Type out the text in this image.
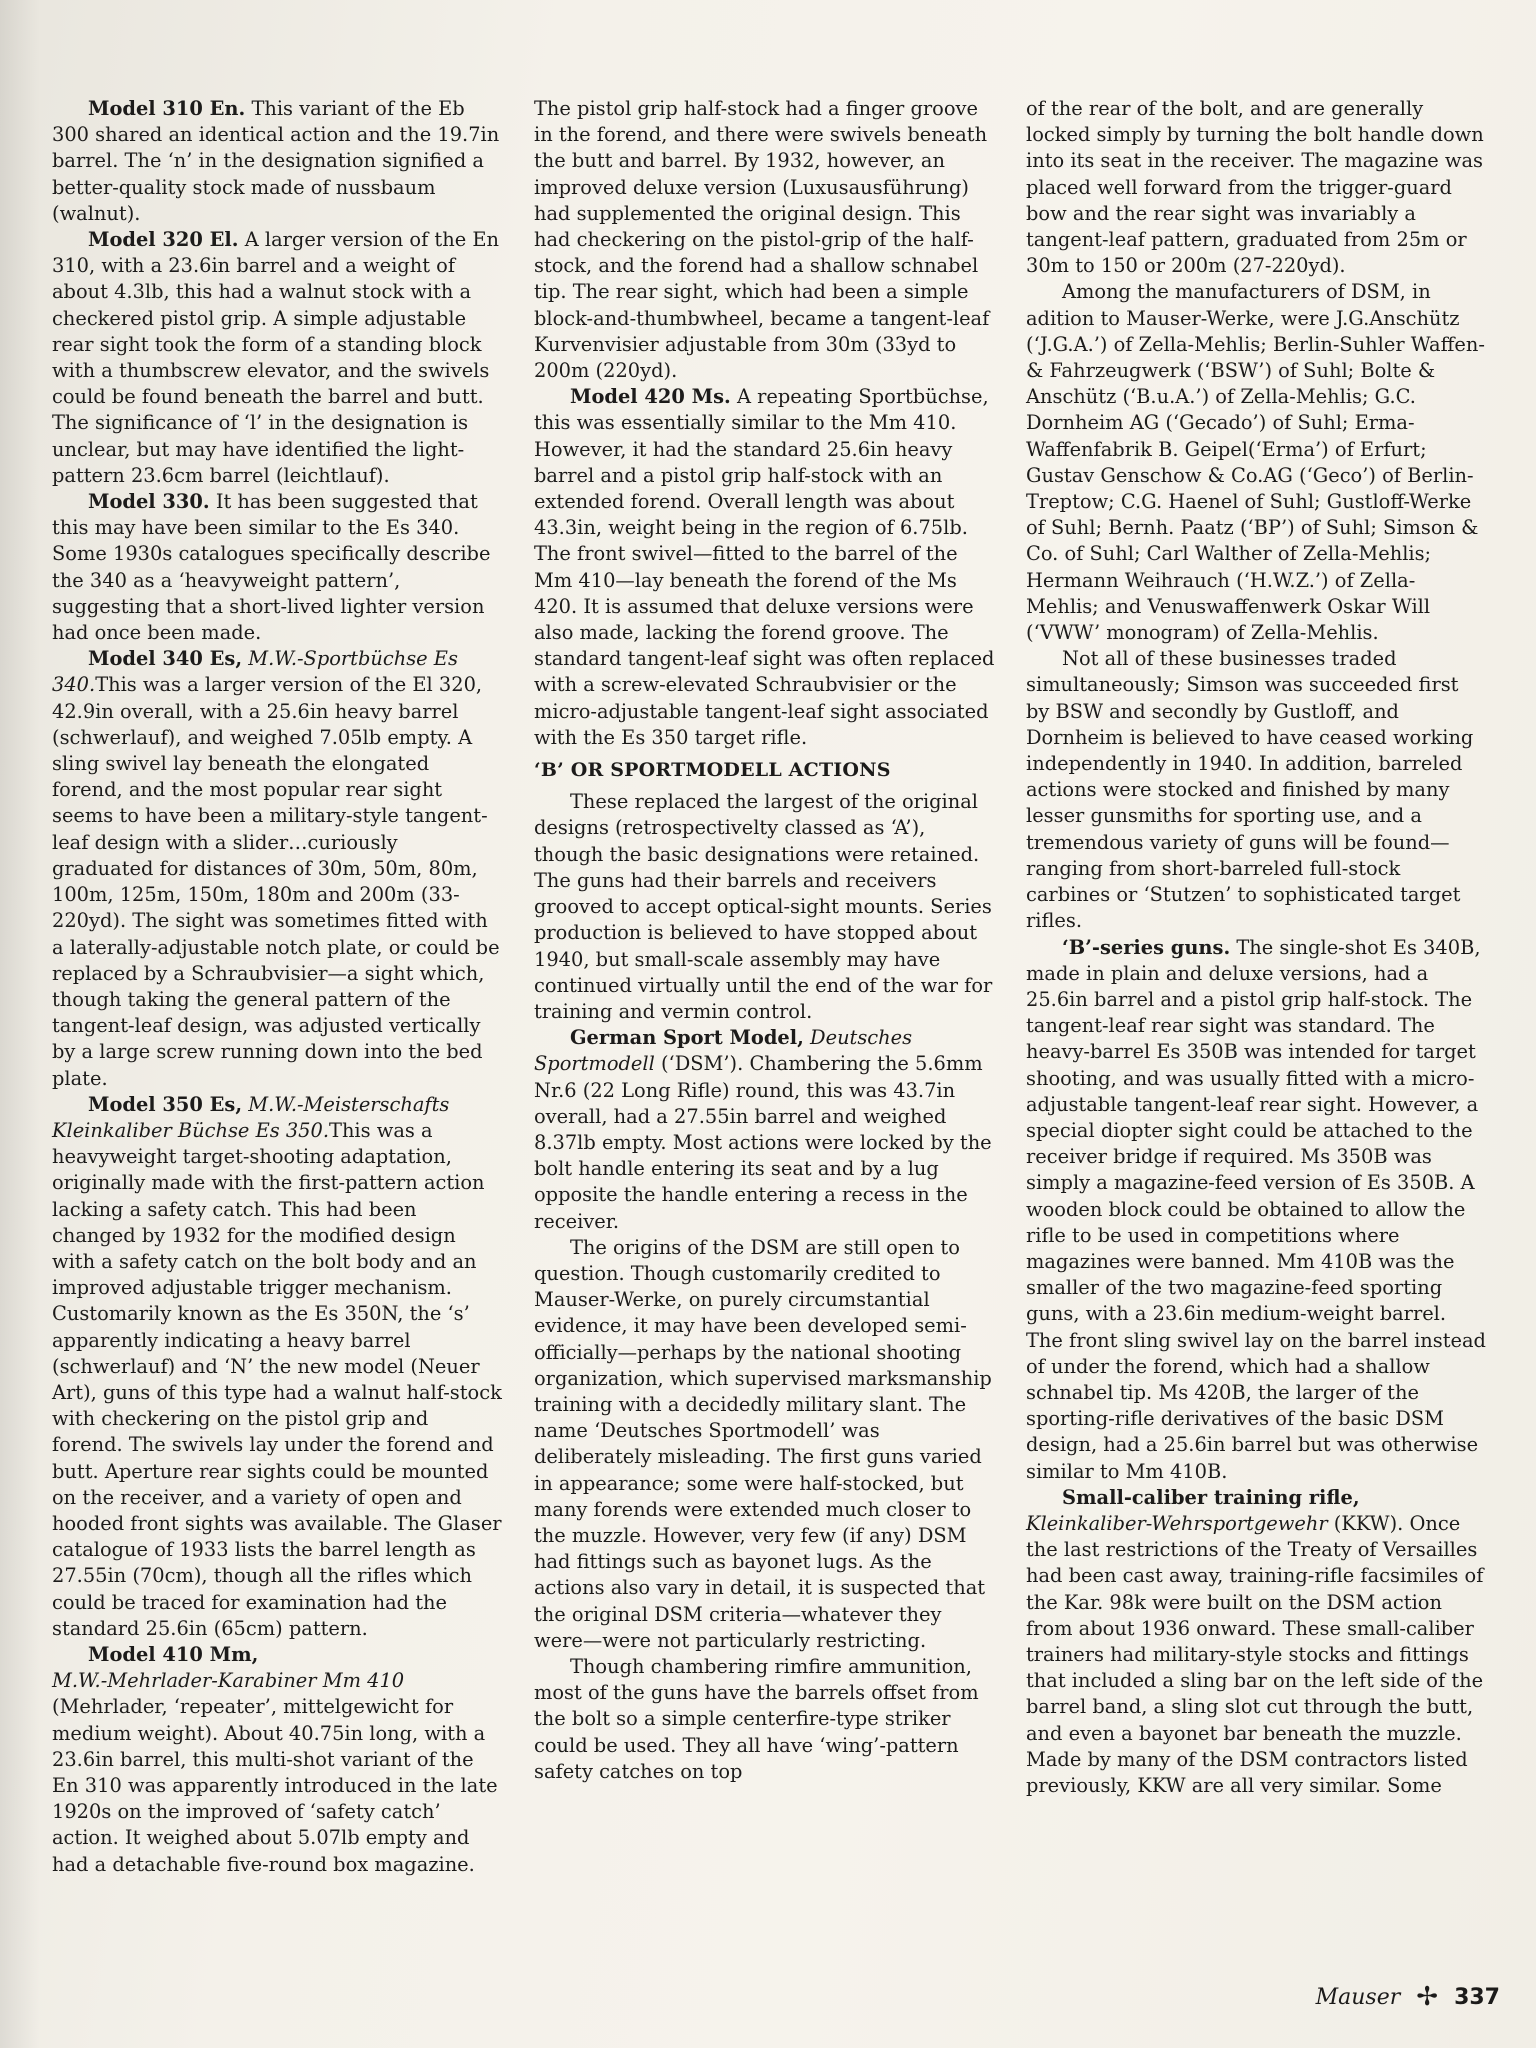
Model 310 En. This variant of the Eb 300 shared an identical action and the 19.7in barrel. The ‘n’ in the designation signified a better-quality stock made of nussbaum (walnut).

Model 320 El. A larger version of the En 310, with a 23.6in barrel and a weight of about 4.3lb, this had a walnut stock with a checkered pistol grip. A simple adjustable rear sight took the form of a standing block with a thumbscrew elevator, and the swivels could be found beneath the barrel and butt. The significance of ‘l’ in the designation is unclear, but may have identified the light-pattern 23.6cm barrel (leichtlauf).

Model 330. It has been suggested that this may have been similar to the Es 340. Some 1930s catalogues specifically describe the 340 as a ‘heavyweight pattern’, suggesting that a short-lived lighter version had once been made.

Model 340 Es, M.W.-Sportbüchse Es 340.This was a larger version of the El 320, 42.9in overall, with a 25.6in heavy barrel (schwerlauf), and weighed 7.05lb empty. A sling swivel lay beneath the elongated forend, and the most popular rear sight seems to have been a military-style tangent-leaf design with a slider…curiously graduated for distances of 30m, 50m, 80m, 100m, 125m, 150m, 180m and 200m (33-220yd). The sight was sometimes fitted with a laterally-adjustable notch plate, or could be replaced by a Schraubvisier—a sight which, though taking the general pattern of the tangent-leaf design, was adjusted vertically by a large screw running down into the bed plate.

Model 350 Es, M.W.-Meisterschafts Kleinkaliber Büchse Es 350.This was a heavyweight target-shooting adaptation, originally made with the first-pattern action lacking a safety catch. This had been changed by 1932 for the modified design with a safety catch on the bolt body and an improved adjustable trigger mechanism. Customarily known as the Es 350N, the ‘s’ apparently indicating a heavy barrel (schwerlauf) and ‘N’ the new model (Neuer Art), guns of this type had a walnut half-stock with checkering on the pistol grip and forend. The swivels lay under the forend and butt. Aperture rear sights could be mounted on the receiver, and a variety of open and hooded front sights was available. The Glaser catalogue of 1933 lists the barrel length as 27.55in (70cm), though all the rifles which could be traced for examination had the standard 25.6in (65cm) pattern.

Model 410 Mm,
M.W.-Mehrlader-Karabiner Mm 410 (Mehrlader, ‘repeater’, mittelgewicht for medium weight). About 40.75in long, with a 23.6in barrel, this multi-shot variant of the En 310 was apparently introduced in the late 1920s on the improved of ‘safety catch’ action. It weighed about 5.07lb empty and had a detachable five-round box magazine.

The pistol grip half-stock had a finger groove in the forend, and there were swivels beneath the butt and barrel. By 1932, however, an improved deluxe version (Luxusausführung) had supplemented the original design. This had checkering on the pistol-grip of the half-stock, and the forend had a shallow schnabel tip. The rear sight, which had been a simple block-and-thumbwheel, became a tangent-leaf Kurvenvisier adjustable from 30m (33yd to 200m (220yd).

Model 420 Ms. A repeating Sportbüchse, this was essentially similar to the Mm 410. However, it had the standard 25.6in heavy barrel and a pistol grip half-stock with an extended forend. Overall length was about 43.3in, weight being in the region of 6.75lb. The front swivel—fitted to the barrel of the Mm 410—lay beneath the forend of the Ms 420. It is assumed that deluxe versions were also made, lacking the forend groove. The standard tangent-leaf sight was often replaced with a screw-elevated Schraubvisier or the micro-adjustable tangent-leaf sight associated with the Es 350 target rifle.

‘B’ OR SPORTMODELL ACTIONS

These replaced the largest of the original designs (retrospectivelty classed as ‘A’), though the basic designations were retained. The guns had their barrels and receivers grooved to accept optical-sight mounts. Series production is believed to have stopped about 1940, but small-scale assembly may have continued virtually until the end of the war for training and vermin control.

German Sport Model, Deutsches Sportmodell (‘DSM’). Chambering the 5.6mm Nr.6 (22 Long Rifle) round, this was 43.7in overall, had a 27.55in barrel and weighed 8.37lb empty. Most actions were locked by the bolt handle entering its seat and by a lug opposite the handle entering a recess in the receiver.

The origins of the DSM are still open to question. Though customarily credited to Mauser-Werke, on purely circumstantial evidence, it may have been developed semi-officially—perhaps by the national shooting organization, which supervised marksmanship training with a decidedly military slant. The name ‘Deutsches Sportmodell’ was deliberately misleading. The first guns varied in appearance; some were half-stocked, but many forends were extended much closer to the muzzle. However, very few (if any) DSM had fittings such as bayonet lugs. As the actions also vary in detail, it is suspected that the original DSM criteria—whatever they were—were not particularly restricting.

Though chambering rimfire ammunition, most of the guns have the barrels offset from the bolt so a simple centerfire-type striker could be used. They all have ‘wing’-pattern safety catches on top

of the rear of the bolt, and are generally locked simply by turning the bolt handle down into its seat in the receiver. The magazine was placed well forward from the trigger-guard bow and the rear sight was invariably a tangent-leaf pattern, graduated from 25m or 30m to 150 or 200m (27-220yd).

Among the manufacturers of DSM, in adition to Mauser-Werke, were J.G.Anschütz (‘J.G.A.’) of Zella-Mehlis; Berlin-Suhler Waffen- & Fahrzeugwerk (‘BSW’) of Suhl; Bolte & Anschütz (‘B.u.A.’) of Zella-Mehlis; G.C. Dornheim AG (‘Gecado’) of Suhl; Erma-Waffenfabrik B. Geipel(‘Erma’) of Erfurt; Gustav Genschow & Co.AG (‘Geco’) of Berlin-Treptow; C.G. Haenel of Suhl; Gustloff-Werke of Suhl; Bernh. Paatz (‘BP’) of Suhl; Simson & Co. of Suhl; Carl Walther of Zella-Mehlis; Hermann Weihrauch (‘H.W.Z.’) of Zella-Mehlis; and Venuswaffenwerk Oskar Will (‘VWW’ monogram) of Zella-Mehlis.

Not all of these businesses traded simultaneously; Simson was succeeded first by BSW and secondly by Gustloff, and Dornheim is believed to have ceased working independently in 1940. In addition, barreled actions were stocked and finished by many lesser gunsmiths for sporting use, and a tremendous variety of guns will be found—ranging from short-barreled full-stock carbines or ‘Stutzen’ to sophisticated target rifles.

‘B’-series guns. The single-shot Es 340B, made in plain and deluxe versions, had a 25.6in barrel and a pistol grip half-stock. The tangent-leaf rear sight was standard. The heavy-barrel Es 350B was intended for target shooting, and was usually fitted with a micro-adjustable tangent-leaf rear sight. However, a special diopter sight could be attached to the receiver bridge if required. Ms 350B was simply a magazine-feed version of Es 350B. A wooden block could be obtained to allow the rifle to be used in competitions where magazines were banned. Mm 410B was the smaller of the two magazine-feed sporting guns, with a 23.6in medium-weight barrel. The front sling swivel lay on the barrel instead of under the forend, which had a shallow schnabel tip. Ms 420B, the larger of the sporting-rifle derivatives of the basic DSM design, had a 25.6in barrel but was otherwise similar to Mm 410B.

Small-caliber training rifle,
Kleinkaliber-Wehrsportgewehr (KKW). Once the last restrictions of the Treaty of Versailles had been cast away, training-rifle facsimiles of the Kar. 98k were built on the DSM action from about 1936 onward. These small-caliber trainers had military-style stocks and fittings that included a sling bar on the left side of the barrel band, a sling slot cut through the butt, and even a bayonet bar beneath the muzzle. Made by many of the DSM contractors listed previously, KKW are all very similar. Some

Mauser ✢ 337
